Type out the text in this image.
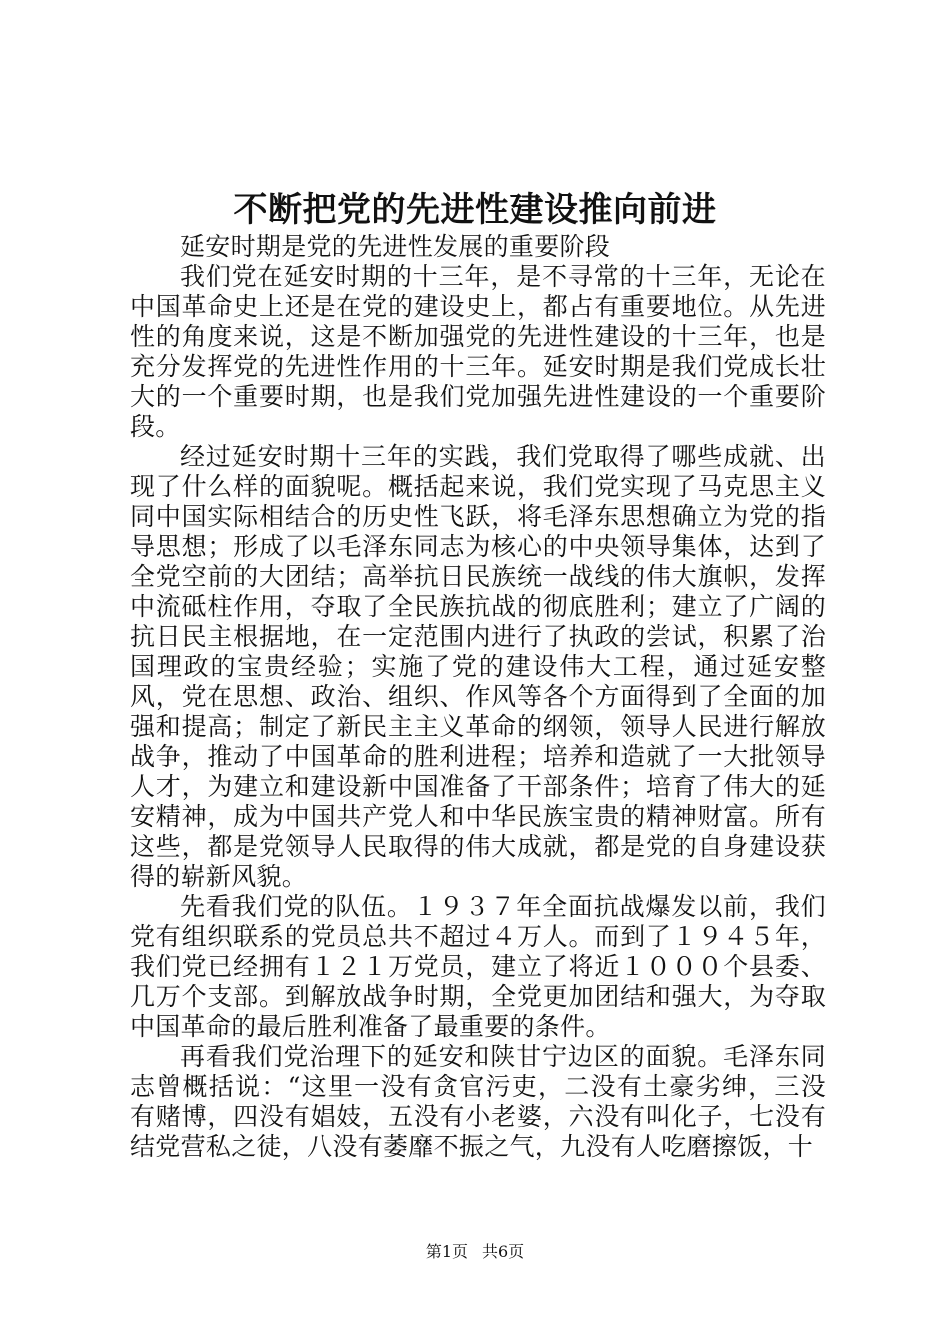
不断把党的先进性建设推向前进

延安时期是党的先进性发展的重要阶段

我们党在延安时期的十三年，是不寻常的十三年，无论在中国革命史上还是在党的建设史上，都占有重要地位。从先进性的角度来说，这是不断加强党的先进性建设的十三年，也是充分发挥党的先进性作用的十三年。延安时期是我们党成长壮大的一个重要时期，也是我们党加强先进性建设的一个重要阶段。

经过延安时期十三年的实践，我们党取得了哪些成就、出现了什么样的面貌呢。概括起来说，我们党实现了马克思主义同中国实际相结合的历史性飞跃，将毛泽东思想确立为党的指导思想；形成了以毛泽东同志为核心的中央领导集体，达到了全党空前的大团结；高举抗日民族统一战线的伟大旗帜，发挥中流砥柱作用，夺取了全民族抗战的彻底胜利；建立了广阔的抗日民主根据地，在一定范围内进行了执政的尝试，积累了治国理政的宝贵经验；实施了党的建设伟大工程，通过延安整风，党在思想、政治、组织、作风等各个方面得到了全面的加强和提高；制定了新民主主义革命的纲领，领导人民进行解放战争，推动了中国革命的胜利进程；培养和造就了一大批领导人才，为建立和建设新中国准备了干部条件；培育了伟大的延安精神，成为中国共产党人和中华民族宝贵的精神财富。所有这些，都是党领导人民取得的伟大成就，都是党的自身建设获得的崭新风貌。

先看我们党的队伍。１９３７年全面抗战爆发以前，我们党有组织联系的党员总共不超过４万人。而到了１９４５年，我们党已经拥有１２１万党员，建立了将近１０００个县委、几万个支部。到解放战争时期，全党更加团结和强大，为夺取中国革命的最后胜利准备了最重要的条件。

再看我们党治理下的延安和陕甘宁边区的面貌。毛泽东同志曾概括说：“这里一没有贪官污吏，二没有土豪劣绅，三没有赌博，四没有娼妓，五没有小老婆，六没有叫化子，七没有结党营私之徒，八没有萎靡不振之气，九没有人吃磨擦饭，十

第1页 共6页
